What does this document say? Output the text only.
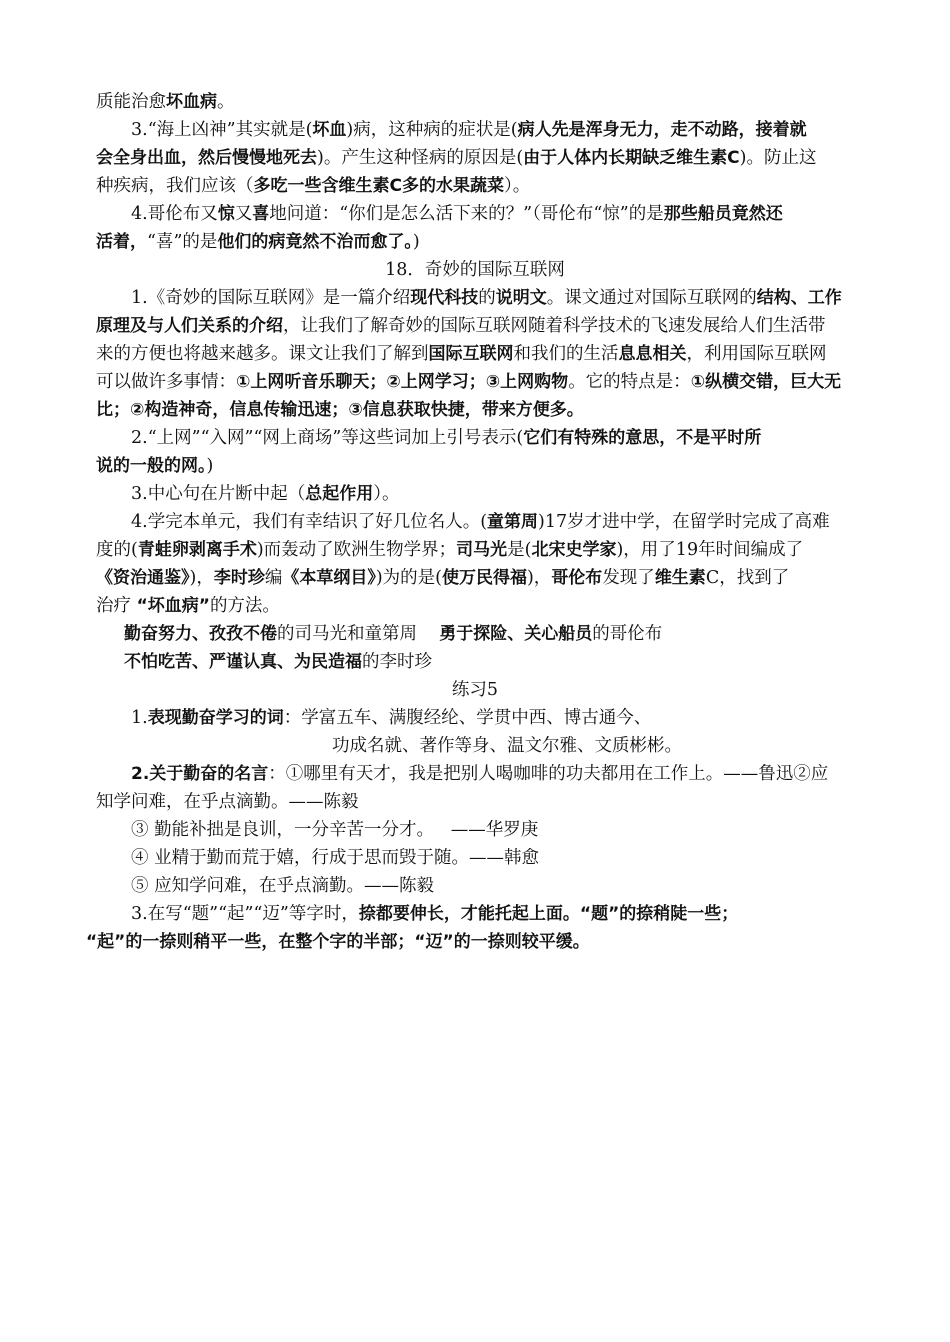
质能治愈坏血病。
3.“海上凶神”其实就是(坏血)病，这种病的症状是(病人先是浑身无力，走不动路，接着就
会全身出血，然后慢慢地死去)。产生这种怪病的原因是(由于人体内长期缺乏维生素C)。防止这
种疾病，我们应该（多吃一些含维生素C多的水果蔬菜）。
4.哥伦布又惊又喜地问道：“你们是怎么活下来的？”（哥伦布“惊”的是那些船员竟然还
活着，“喜”的是他们的病竟然不治而愈了。)
18．奇妙的国际互联网
1.《奇妙的国际互联网》是一篇介绍现代科技的说明文。课文通过对国际互联网的结构、工作
原理及与人们关系的介绍，让我们了解奇妙的国际互联网随着科学技术的飞速发展给人们生活带
来的方便也将越来越多。课文让我们了解到国际互联网和我们的生活息息相关，利用国际互联网
可以做许多事情：①上网听音乐聊天；②上网学习；③上网购物。它的特点是：①纵横交错，巨大无
比；②构造神奇，信息传输迅速；③信息获取快捷，带来方便多。
2.“上网”“入网”“网上商场”等这些词加上引号表示(它们有特殊的意思，不是平时所
说的一般的网。)
3.中心句在片断中起（总起作用）。
4.学完本单元，我们有幸结识了好几位名人。(童第周)17岁才进中学，在留学时完成了高难
度的(青蛙卵剥离手术)而轰动了欧洲生物学界；司马光是(北宋史学家)，用了19年时间编成了
《资治通鉴》)，李时珍编《本草纲目》)为的是(使万民得福)，哥伦布发现了维生素C，找到了
治疗 “坏血病”的方法。
勤奋努力、孜孜不倦的司马光和童第周    勇于探险、关心船员的哥伦布
不怕吃苦、严谨认真、为民造福的李时珍
练习5
1.表现勤奋学习的词：学富五车、满腹经纶、学贯中西、博古通今、
功成名就、著作等身、温文尔雅、文质彬彬。
2.关于勤奋的名言：①哪里有天才，我是把别人喝咖啡的功夫都用在工作上。——鲁迅②应
知学问难，在乎点滴勤。——陈毅
③ 勤能补拙是良训，一分辛苦一分才。   ——华罗庚
④ 业精于勤而荒于嬉，行成于思而毁于随。——韩愈
⑤ 应知学问难，在乎点滴勤。——陈毅
3.在写“题”“起”“迈”等字时，捺都要伸长，才能托起上面。“题”的捺稍陡一些；
“起”的一捺则稍平一些，在整个字的半部；“迈”的一捺则较平缓。
